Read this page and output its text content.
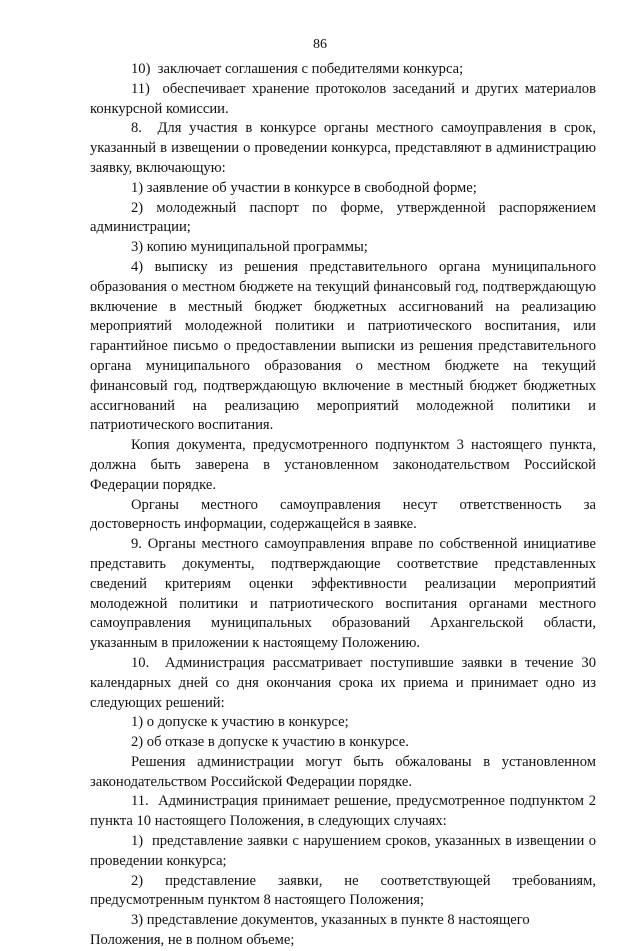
86

10)  заключает соглашения с победителями конкурса;

11)  обеспечивает хранение протоколов заседаний и других материалов конкурсной комиссии.

8.  Для участия в конкурсе органы местного самоуправления в срок, указанный в извещении о проведении конкурса, представляют в администрацию заявку, включающую:

1) заявление об участии в конкурсе в свободной форме;

2) молодежный паспорт по форме, утвержденной распоряжением администрации;

3) копию муниципальной программы;

4) выписку из решения представительного органа муниципального образования о местном бюджете на текущий финансовый год, подтверждающую включение в местный бюджет бюджетных ассигнований на реализацию мероприятий молодежной политики и патриотического воспитания, или гарантийное письмо о предоставлении выписки из решения представительного органа муниципального образования о местном бюджете на текущий финансовый год, подтверждающую включение в местный бюджет бюджетных ассигнований на реализацию мероприятий молодежной политики и патриотического воспитания.

Копия документа, предусмотренного подпунктом 3 настоящего пункта, должна быть заверена в установленном законодательством Российской Федерации порядке.

Органы местного самоуправления несут ответственность за достоверность информации, содержащейся в заявке.

9. Органы местного самоуправления вправе по собственной инициативе представить документы, подтверждающие соответствие представленных сведений критериям оценки эффективности реализации мероприятий молодежной политики и патриотического воспитания органами местного самоуправления муниципальных образований Архангельской области, указанным в приложении к настоящему Положению.

10.  Администрация рассматривает поступившие заявки в течение 30 календарных дней со дня окончания срока их приема и принимает одно из следующих решений:

1) о допуске к участию в конкурсе;

2) об отказе в допуске к участию в конкурсе.

Решения администрации могут быть обжалованы в установленном законодательством Российской Федерации порядке.

11.  Администрация принимает решение, предусмотренное подпунктом 2 пункта 10 настоящего Положения, в следующих случаях:

1)  представление заявки с нарушением сроков, указанных в извещении о проведении конкурса;

2) представление заявки, не соответствующей требованиям, предусмотренным пунктом 8 настоящего Положения;

3) представление документов, указанных в пункте 8 настоящего Положения, не в полном объеме;
